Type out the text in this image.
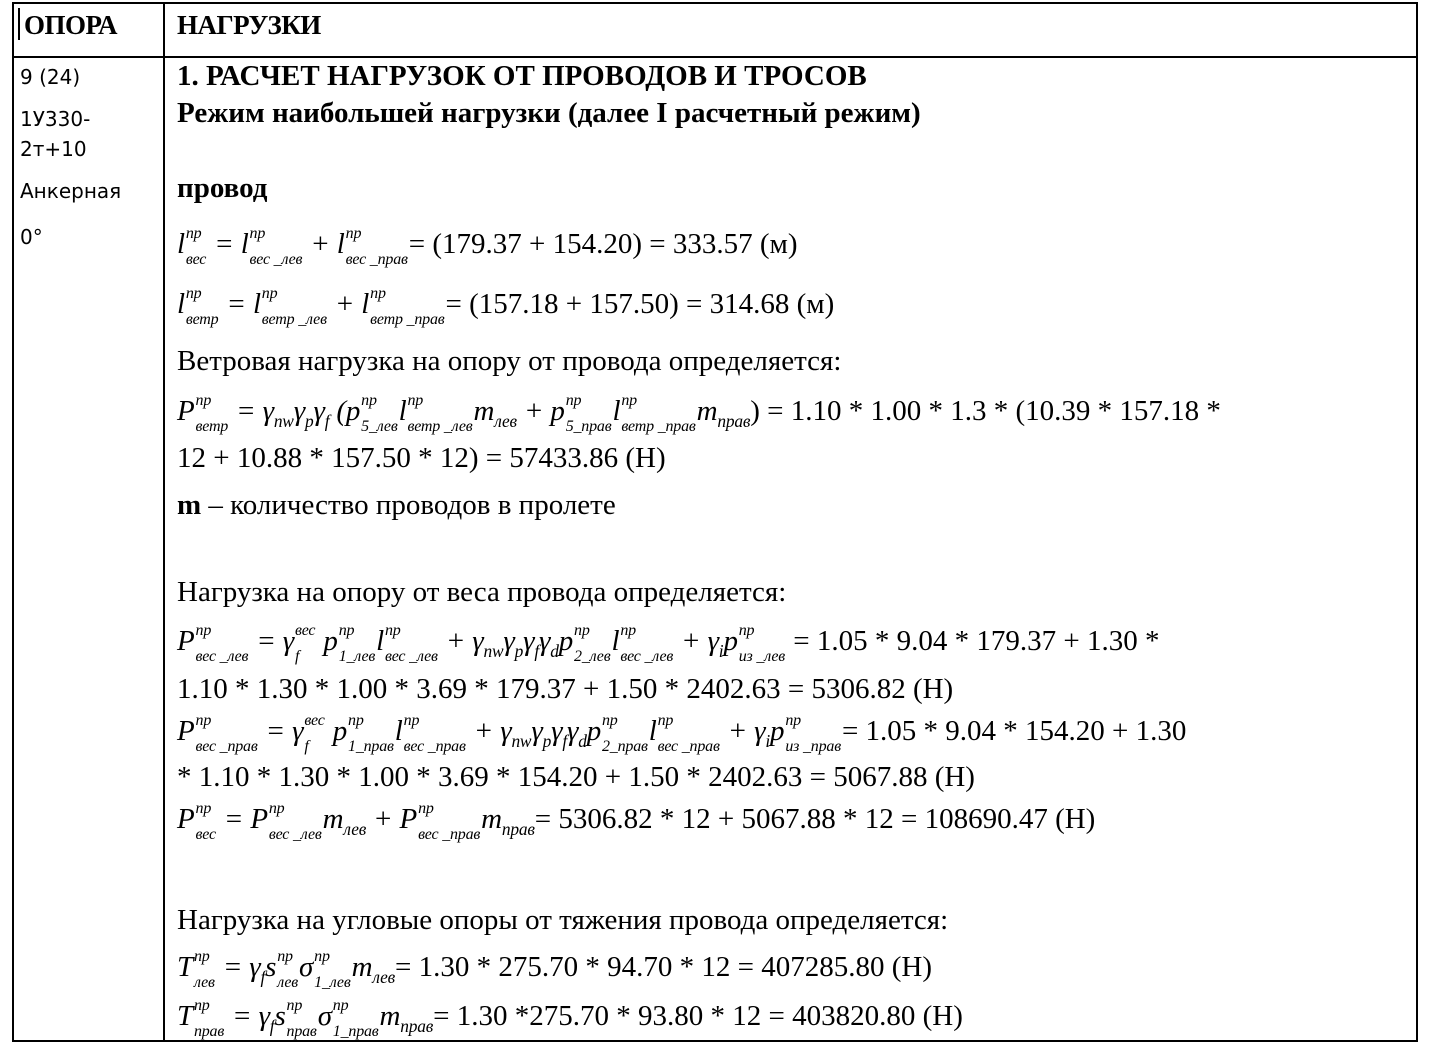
ОПОРА НАГРУЗКИ
9 (24)
1У330-
2т+10
Анкерная
0°
1. РАСЧЕТ НАГРУЗОК ОТ ПРОВОДОВ И ТРОСОВ
Режим наибольшей нагрузки (далее I расчетный режим)
провод
l пр
вес = l пр
вес _лев + l пр
вес _прав = (179.37 + 154.20) = 333.57 (м)
l пр
ветр = l пр
ветр _лев + l пр
ветр _прав = (157.18 + 157.50) = 314.68 (м)
Ветровая нагрузка на опору от провода определяется:
P пр
ветр = $\gamma_{nw}\gamma_p\gamma_f$ (p пр
5_лев l пр
ветр _лев $m_{лев} + p$ пр
5_прав l пр
ветр _прав $m_{прав}) = 1.10 * 1.00 * 1.3 * (10.39 * 157.18$ *
12 + 10.88 * 157.50 * 12) = 57433.86 (Н)
m – количество проводов в пролете
Нагрузка на опору от веса провода определяется:
P пр
вес _лев = γ вес
f p пр
1_лев l пр
вес _лев + $\gamma_{nw}\gamma_p\gamma_f\gamma_dp$ пр
2_лев l пр
вес _лев + $\gamma_ip$ пр
из _лев = 1.05 * 9.04 * 179.37 + 1.30 *
1.10 * 1.30 * 1.00 * 3.69 * 179.37 + 1.50 * 2402.63 = 5306.82 (Н)
P пр
вес _прав = γ вес
f p пр
1_прав l пр
вес _прав + $\gamma_{nw}\gamma_p\gamma_f\gamma_dp$ пр
2_прав l пр
вес _прав + $\gamma_ip$ пр
из _прав = 1.05 * 9.04 * 154.20 + 1.30
* 1.10 * 1.30 * 1.00 * 3.69 * 154.20 + 1.50 * 2402.63 = 5067.88 (Н)
P пр
вес = P пр
вес _лев $m_{лев} + P$ пр
вес _прав $m_{прав}= 5306.82 * 12 + 5067.88 * 12 = 108690.47$ (Н)
Нагрузка на угловые опоры от тяжения провода определяется:
T пр
лев = $\gamma_fs$ пр
лев σ пр
1_лев $m_{лев}= 1.30 * 275.70 * 94.70 * 12 = 407285.80$ (Н)
T пр
прав = $\gamma_fs$ пр
прав σ пр
1_прав $m_{прав}= 1.30$ *275.70 * 93.80 * 12 = 403820.80 (Н)
